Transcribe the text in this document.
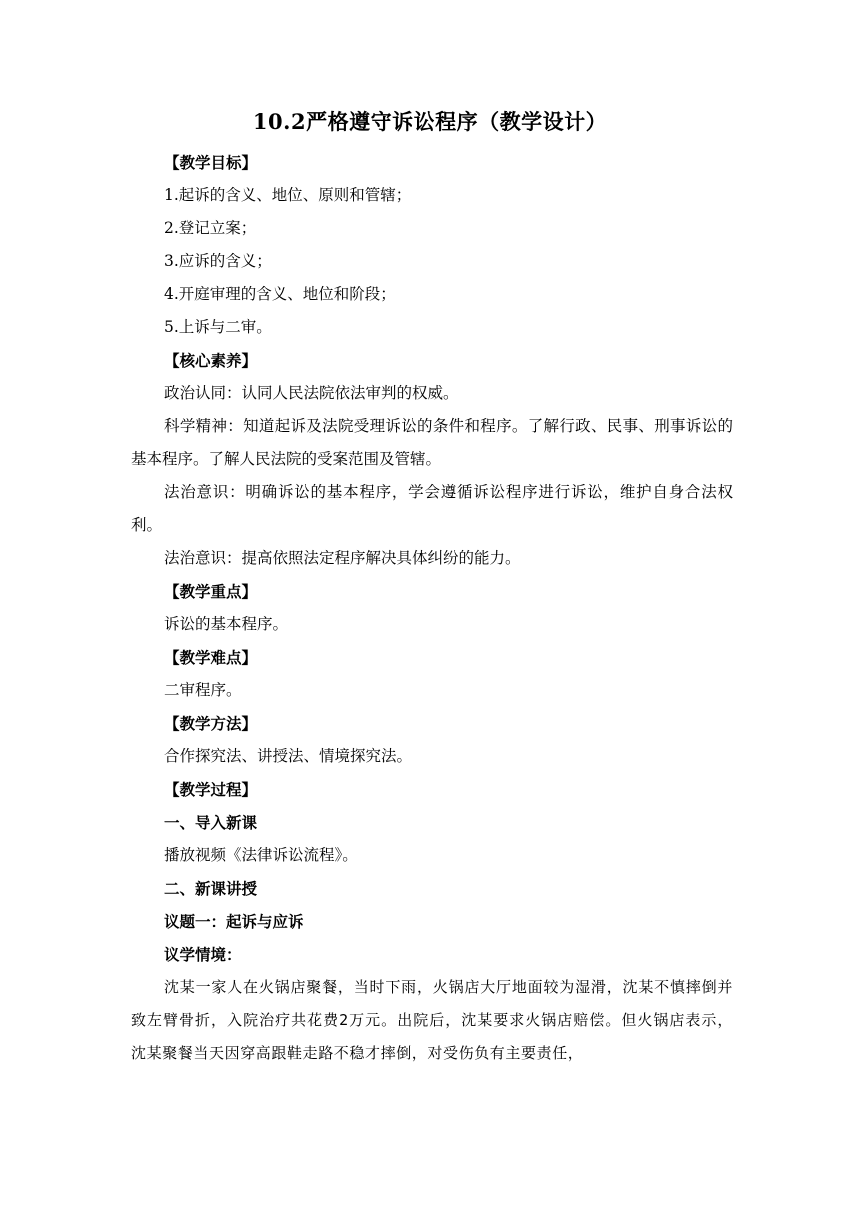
10.2严格遵守诉讼程序（教学设计）

【教学目标】

1.起诉的含义、地位、原则和管辖；

2.登记立案；

3.应诉的含义；

4.开庭审理的含义、地位和阶段；

5.上诉与二审。

【核心素养】

政治认同：认同人民法院依法审判的权威。

科学精神：知道起诉及法院受理诉讼的条件和程序。了解行政、民事、刑事诉讼的基本程序。了解人民法院的受案范围及管辖。

法治意识：明确诉讼的基本程序，学会遵循诉讼程序进行诉讼，维护自身合法权利。

法治意识：提高依照法定程序解决具体纠纷的能力。

【教学重点】

诉讼的基本程序。

【教学难点】

二审程序。

【教学方法】

合作探究法、讲授法、情境探究法。

【教学过程】

一、导入新课

播放视频《法律诉讼流程》。

二、新课讲授

议题一：起诉与应诉

议学情境：

沈某一家人在火锅店聚餐，当时下雨，火锅店大厅地面较为湿滑，沈某不慎摔倒并致左臂骨折，入院治疗共花费2万元。出院后，沈某要求火锅店赔偿。但火锅店表示，沈某聚餐当天因穿高跟鞋走路不稳才摔倒，对受伤负有主要责任，
